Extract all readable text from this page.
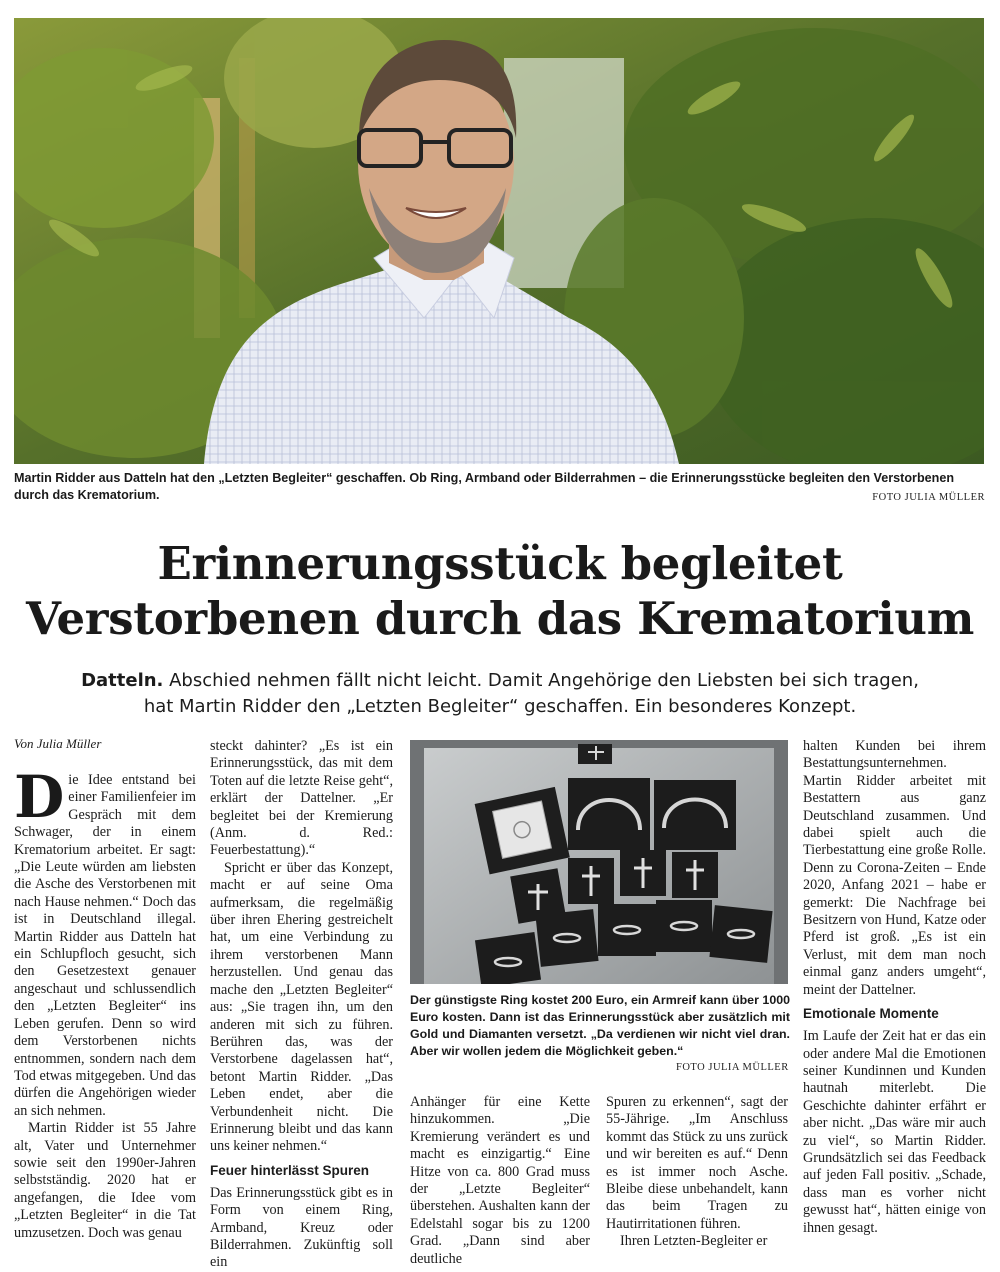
Martin Ridder aus Datteln hat den „Letzten Begleiter“ geschaffen. Ob Ring, Armband oder Bilderrahmen – die Erinnerungsstücke begleiten den Verstorbenen durch das Krematorium.	FOTO JULIA MÜLLER
Erinnerungsstück begleitet
Verstorbenen durch das Krematorium
Datteln. Abschied nehmen fällt nicht leicht. Damit Angehörige den Liebsten bei sich tragen,
hat Martin Ridder den „Letzten Begleiter“ geschaffen. Ein besonderes Konzept.
Von Julia Müller

Die Idee entstand bei einer Familienfeier im Gespräch mit dem Schwager, der in einem Krematorium arbeitet. Er sagt: „Die Leute würden am liebsten die Asche des Verstorbenen mit nach Hause nehmen.“ Doch das ist in Deutschland illegal. Martin Ridder aus Datteln hat ein Schlupfloch gesucht, sich den Gesetzestext genauer angeschaut und schlussendlich den „Letzten Begleiter“ ins Leben gerufen. Denn so wird dem Verstorbenen nichts entnommen, sondern nach dem Tod etwas mitgegeben. Und das dürfen die Angehörigen wieder an sich nehmen.

Martin Ridder ist 55 Jahre alt, Vater und Unternehmer sowie seit den 1990er-Jahren selbstständig. 2020 hat er angefangen, die Idee vom „Letzten Begleiter“ in die Tat umzusetzen. Doch was genau

steckt dahinter? „Es ist ein Erinnerungsstück, das mit dem Toten auf die letzte Reise geht“, erklärt der Dattelner. „Er begleitet bei der Kremierung (Anm. d. Red.: Feuerbestattung).“

Spricht er über das Konzept, macht er auf seine Oma aufmerksam, die regelmäßig über ihren Ehering gestreichelt hat, um eine Verbindung zu ihrem verstorbenen Mann herzustellen. Und genau das mache den „Letzten Begleiter“ aus: „Sie tragen ihn, um den anderen mit sich zu führen. Berühren das, was der Verstorbene dagelassen hat“, betont Martin Ridder. „Das Leben endet, aber die Verbundenheit nicht. Die Erinnerung bleibt und das kann uns keiner nehmen.“

Feuer hinterlässt Spuren

Das Erinnerungsstück gibt es in Form von einem Ring, Armband, Kreuz oder Bilderrahmen. Zukünftig soll ein

Der günstigste Ring kostet 200 Euro, ein Armreif kann über 1000 Euro kosten. Dann ist das Erinnerungsstück aber zusätzlich mit Gold und Diamanten versetzt. „Da verdienen wir nicht viel dran. Aber wir wollen jedem die Möglichkeit geben.“
FOTO JULIA MÜLLER

Anhänger für eine Kette hinzukommen. „Die Kremierung verändert es und macht es einzigartig.“ Eine Hitze von ca. 800 Grad muss der „Letzte Begleiter“ überstehen. Aushalten kann der Edelstahl sogar bis zu 1200 Grad. „Dann sind aber deutliche

Spuren zu erkennen“, sagt der 55-Jährige. „Im Anschluss kommt das Stück zu uns zurück und wir bereiten es auf.“ Denn es ist immer noch Asche. Bleibe diese unbehandelt, kann das beim Tragen zu Hautirritationen führen.

Ihren Letzten-Begleiter er

halten Kunden bei ihrem Bestattungsunternehmen. Martin Ridder arbeitet mit Bestattern aus ganz Deutschland zusammen. Und dabei spielt auch die Tierbestattung eine große Rolle. Denn zu Corona-Zeiten – Ende 2020, Anfang 2021 – habe er gemerkt: Die Nachfrage bei Besitzern von Hund, Katze oder Pferd ist groß. „Es ist ein Verlust, mit dem man noch einmal ganz anders umgeht“, meint der Dattelner.

Emotionale Momente

Im Laufe der Zeit hat er das ein oder andere Mal die Emotionen seiner Kundinnen und Kunden hautnah miterlebt. Die Geschichte dahinter erfährt er aber nicht. „Das wäre mir auch zu viel“, so Martin Ridder. Grundsätzlich sei das Feedback auf jeden Fall positiv. „Schade, dass man es vorher nicht gewusst hat“, hätten einige von ihnen gesagt.
